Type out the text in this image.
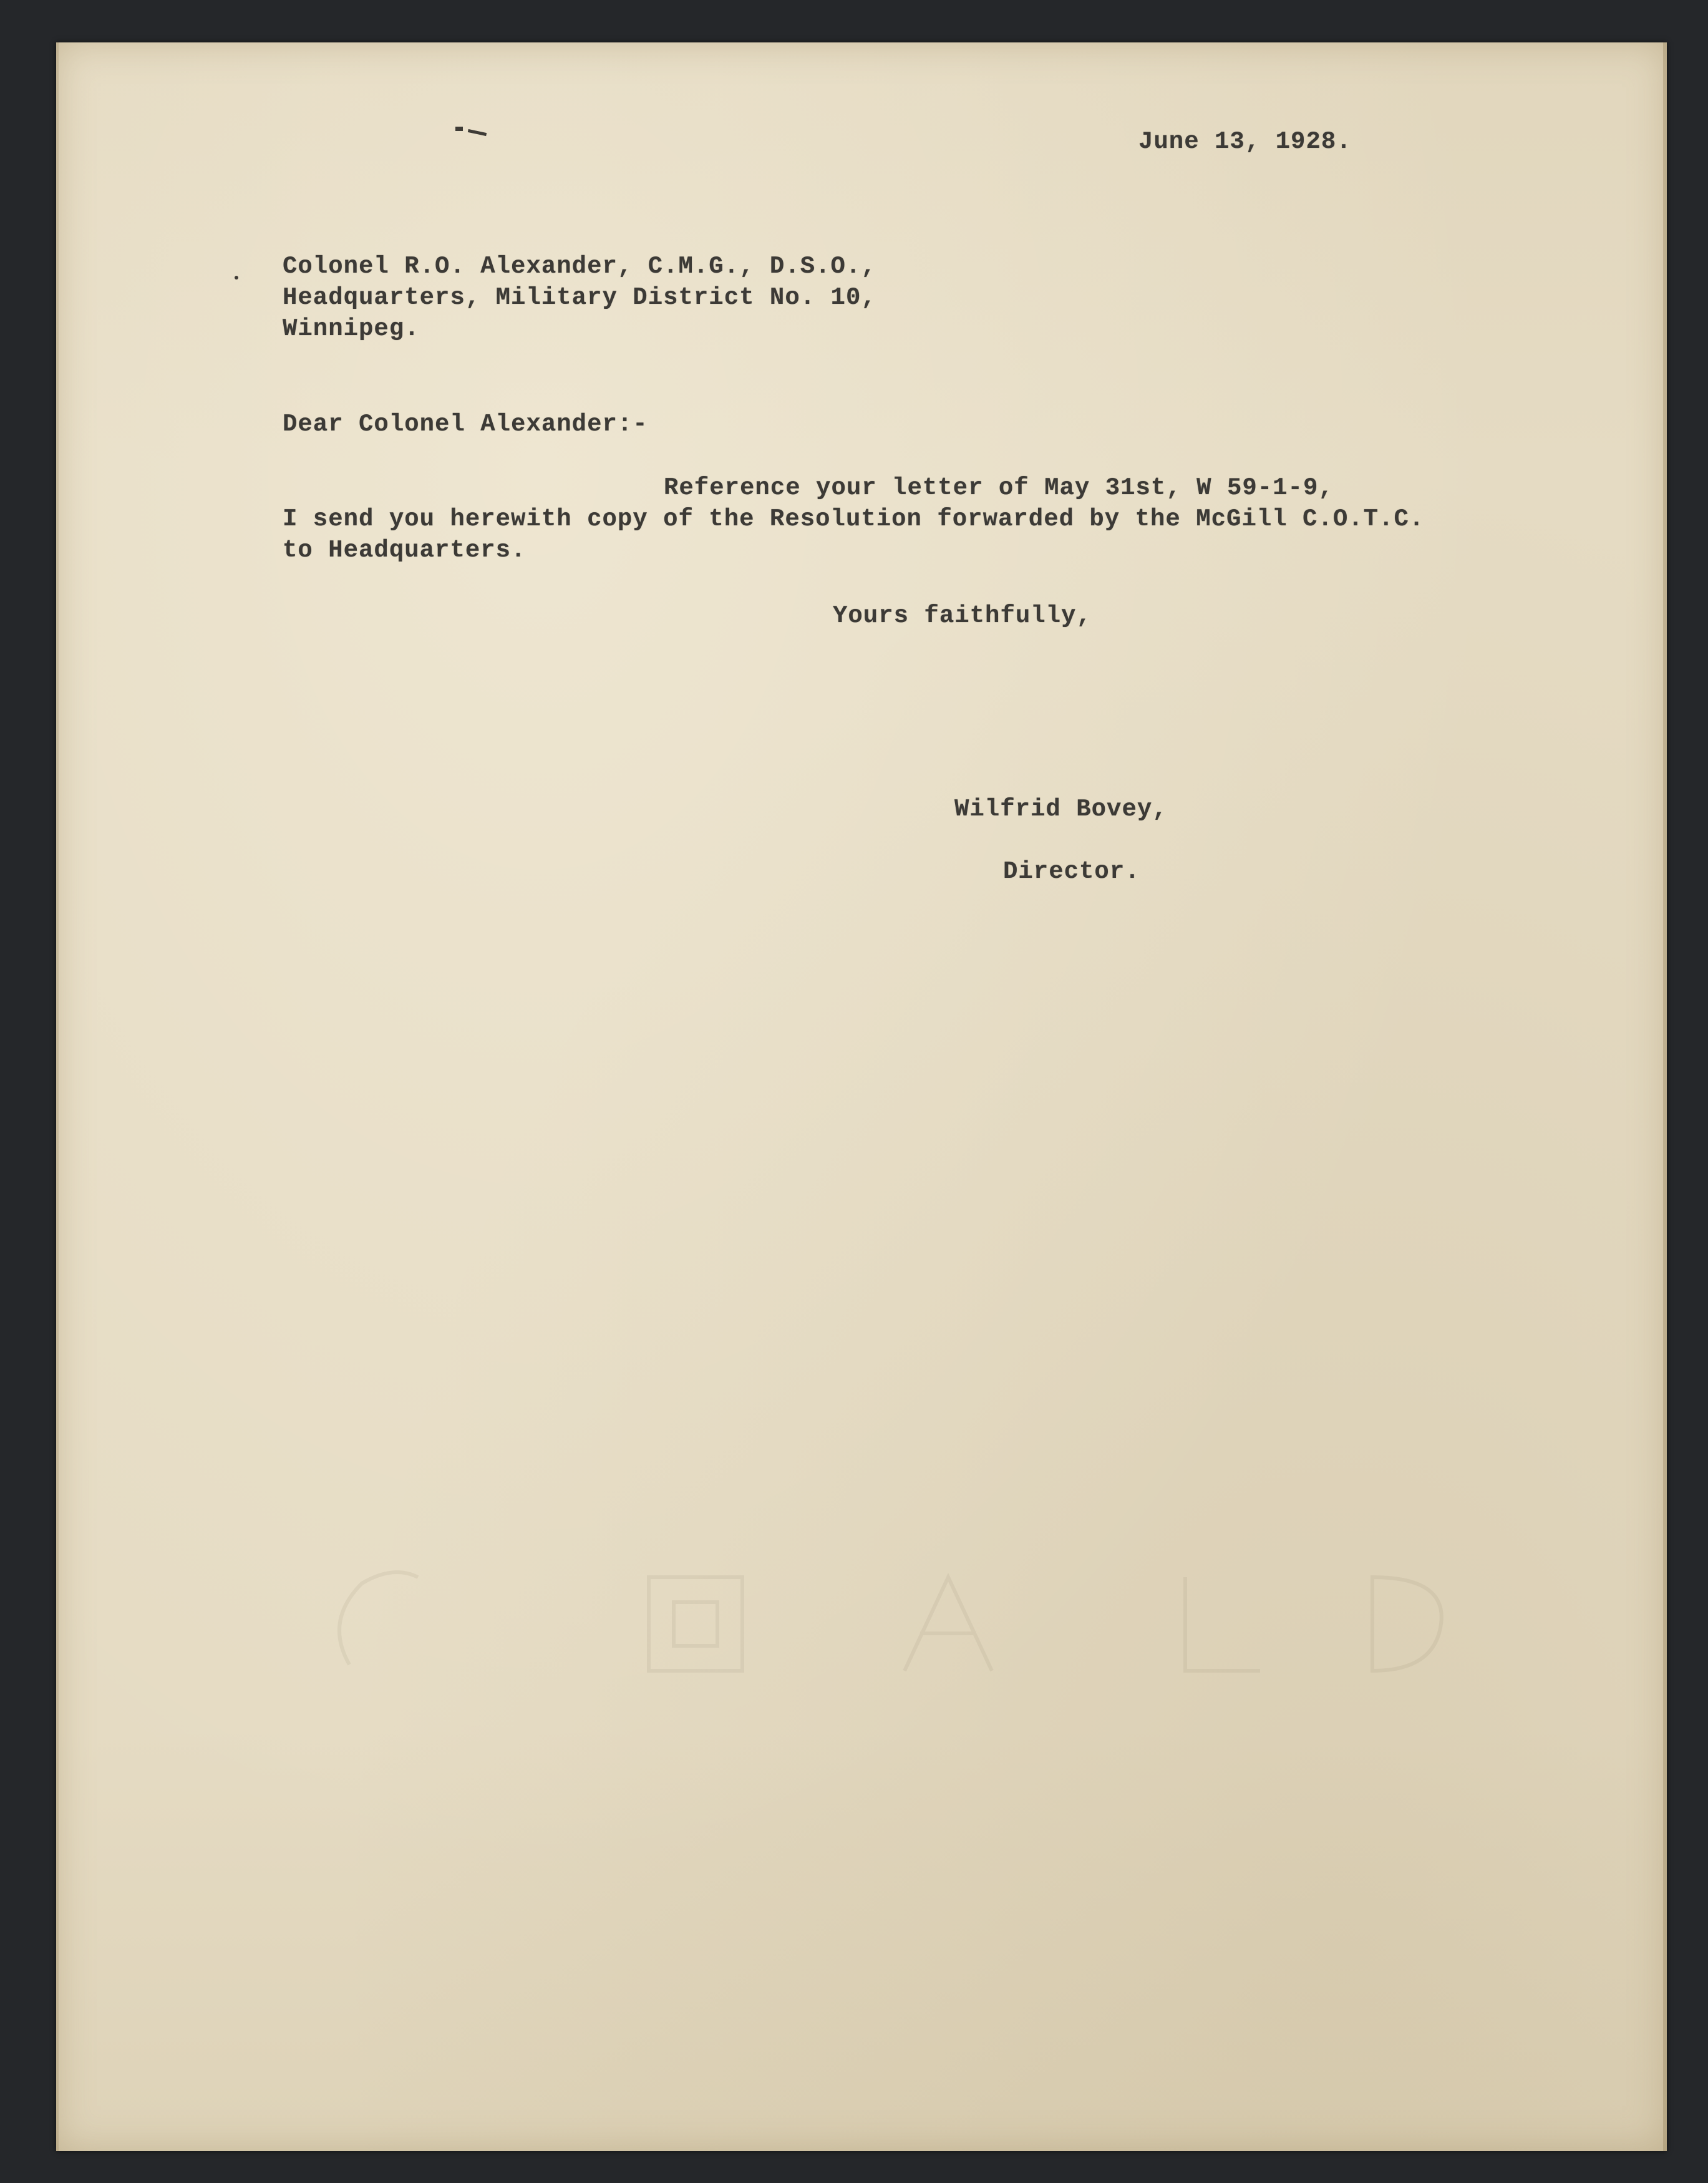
June 13, 1928.
Colonel R.O. Alexander, C.M.G., D.S.O.,
Headquarters, Military District No. 10,
Winnipeg.
Dear Colonel Alexander:-
Reference your letter of May 31st, W 59-1-9,
I send you herewith copy of the Resolution forwarded by the McGill C.O.T.C.
to Headquarters.
Yours faithfully,
Wilfrid Bovey,
Director.
